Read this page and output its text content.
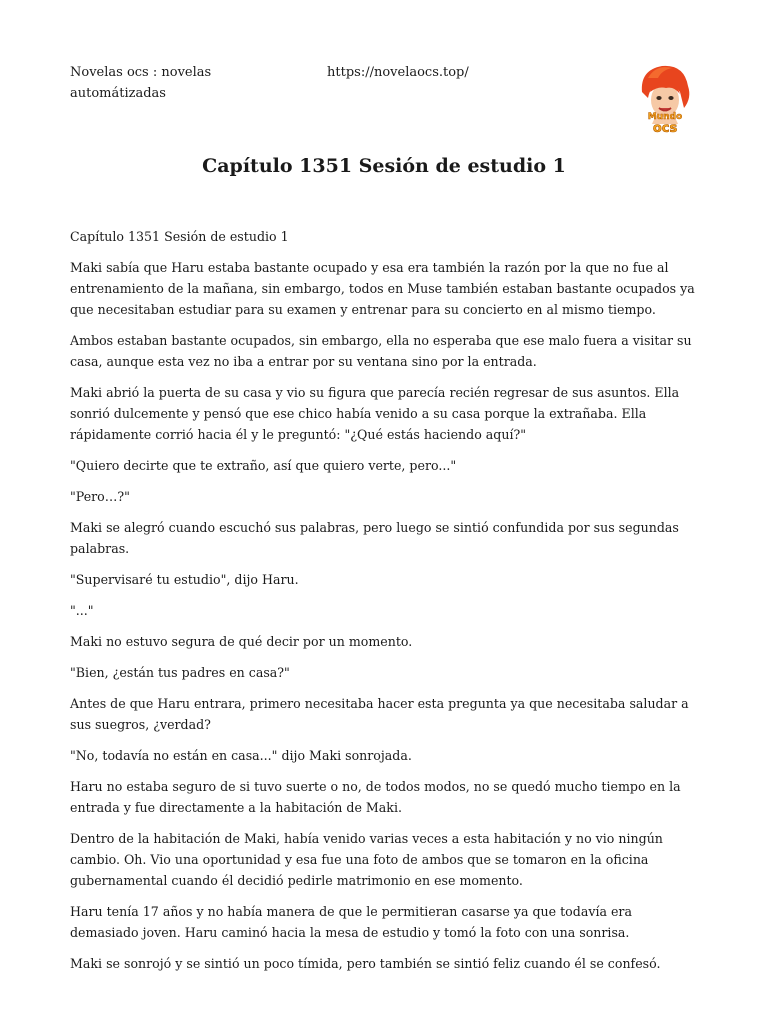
Novelas ocs : novelas automátizadas
https://novelaocs.top/
Mundo
ocs
Capítulo 1351 Sesión de estudio 1

Capítulo 1351 Sesión de estudio 1

Maki sabía que Haru estaba bastante ocupado y esa era también la razón por la que no fue al entrenamiento de la mañana, sin embargo, todos en Muse también estaban bastante ocupados ya que necesitaban estudiar para su examen y entrenar para su concierto en al mismo tiempo.

Ambos estaban bastante ocupados, sin embargo, ella no esperaba que ese malo fuera a visitar su casa, aunque esta vez no iba a entrar por su ventana sino por la entrada.

Maki abrió la puerta de su casa y vio su figura que parecía recién regresar de sus asuntos. Ella sonrió dulcemente y pensó que ese chico había venido a su casa porque la extrañaba. Ella rápidamente corrió hacia él y le preguntó: "¿Qué estás haciendo aquí?"

"Quiero decirte que te extraño, así que quiero verte, pero..."

"Pero…?"

Maki se alegró cuando escuchó sus palabras, pero luego se sintió confundida por sus segundas palabras.

"Supervisaré tu estudio", dijo Haru.

"..."

Maki no estuvo segura de qué decir por un momento.

"Bien, ¿están tus padres en casa?"

Antes de que Haru entrara, primero necesitaba hacer esta pregunta ya que necesitaba saludar a sus suegros, ¿verdad?

"No, todavía no están en casa..." dijo Maki sonrojada.

Haru no estaba seguro de si tuvo suerte o no, de todos modos, no se quedó mucho tiempo en la entrada y fue directamente a la habitación de Maki.

Dentro de la habitación de Maki, había venido varias veces a esta habitación y no vio ningún cambio. Oh. Vio una oportunidad y esa fue una foto de ambos que se tomaron en la oficina gubernamental cuando él decidió pedirle matrimonio en ese momento.

Haru tenía 17 años y no había manera de que le permitieran casarse ya que todavía era demasiado joven. Haru caminó hacia la mesa de estudio y tomó la foto con una sonrisa.

Maki se sonrojó y se sintió un poco tímida, pero también se sintió feliz cuando él se confesó.
